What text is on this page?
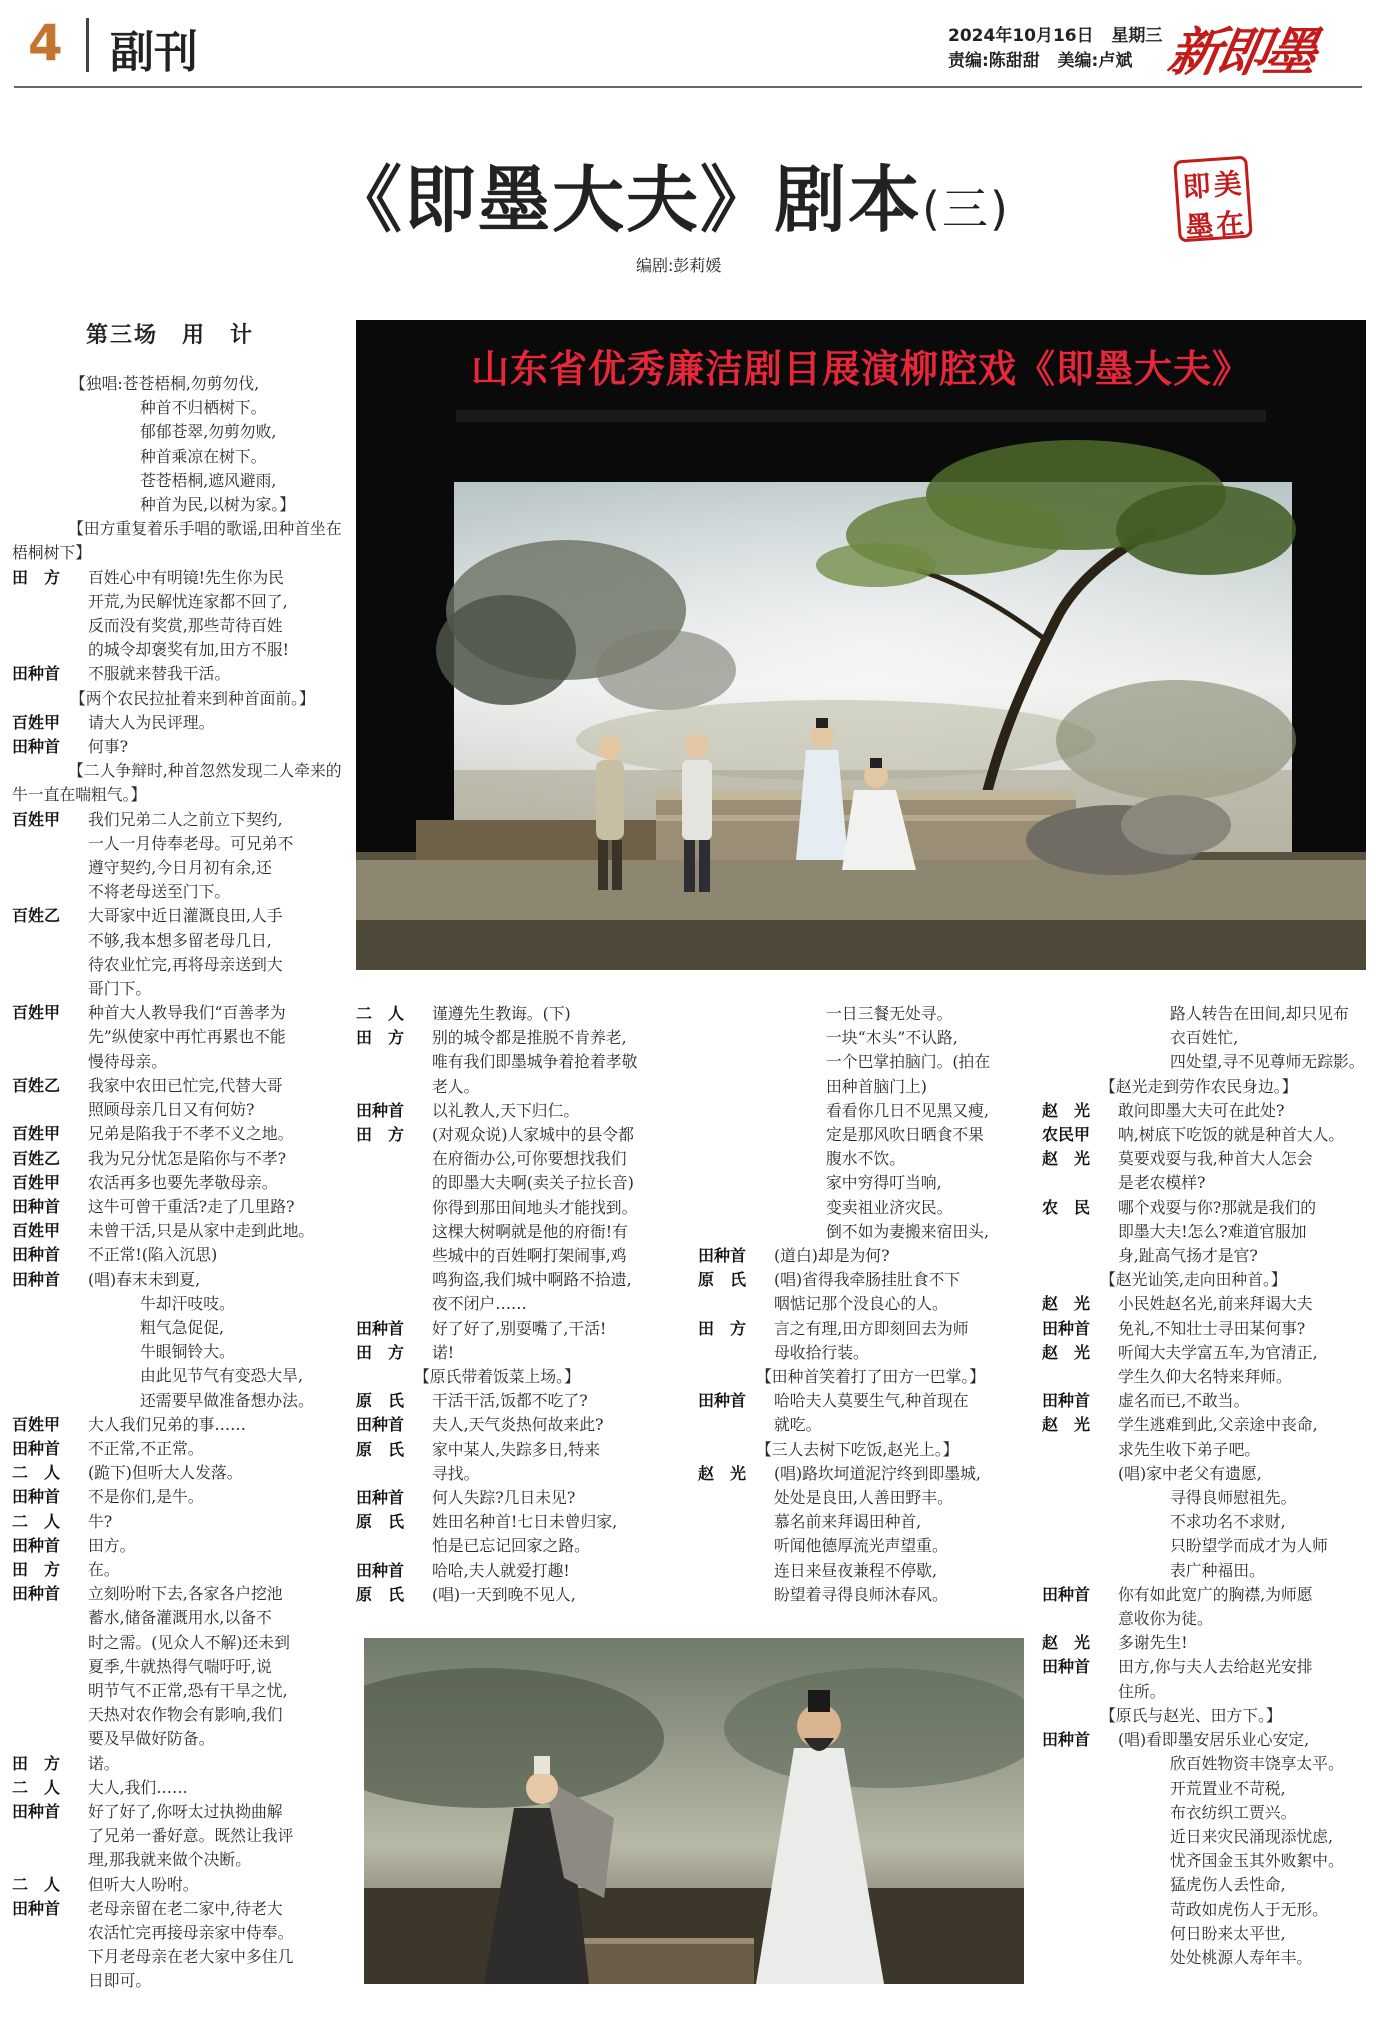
4 副刊	2024年10月16日   星期三
责编:陈甜甜   美编:卢斌 新即墨
《即墨大夫》剧本(三)	即 美
墨 在
编剧:彭莉媛
第三场　用　计
山东省优秀廉洁剧目展演柳腔戏《即墨大夫》

【独唱:苍苍梧桐,勿剪勿伐,

种首不归栖树下。

郁郁苍翠,勿剪勿败,

种首乘凉在树下。

苍苍梧桐,遮风避雨,

种首为民,以树为家。】

【田方重复着乐手唱的歌谣,田种首坐在梧桐树下】

田　方	百姓心中有明镜!先生你为民

开荒,为民解忧连家都不回了,

反而没有奖赏,那些苛待百姓

的城令却褒奖有加,田方不服!

田种首	不服就来替我干活。

【两个农民拉扯着来到种首面前。】

百姓甲	请大人为民评理。

田种首	何事?

【二人争辩时,种首忽然发现二人牵来的牛一直在喘粗气。】

百姓甲	我们兄弟二人之前立下契约,

一人一月侍奉老母。可兄弟不

遵守契约,今日月初有余,还

不将老母送至门下。

百姓乙	大哥家中近日灌溉良田,人手

不够,我本想多留老母几日,

待农业忙完,再将母亲送到大

哥门下。

百姓甲	种首大人教导我们“百善孝为

先”纵使家中再忙再累也不能

慢待母亲。

百姓乙	我家中农田已忙完,代替大哥

照顾母亲几日又有何妨?

百姓甲	兄弟是陷我于不孝不义之地。

百姓乙	我为兄分忧怎是陷你与不孝?

百姓甲	农活再多也要先孝敬母亲。

田种首	这牛可曾干重活?走了几里路?

百姓甲	未曾干活,只是从家中走到此地。

田种首	不正常!(陷入沉思)

田种首	(唱)春末未到夏,

牛却汗吱吱。

粗气急促促,

牛眼铜铃大。

由此见节气有变恐大旱,

还需要早做准备想办法。

百姓甲	大人我们兄弟的事……

田种首	不正常,不正常。

二　人	(跪下)但听大人发落。

田种首	不是你们,是牛。

二　人	牛?

田种首	田方。

田　方	在。

田种首	立刻吩咐下去,各家各户挖池

蓄水,储备灌溉用水,以备不

时之需。(见众人不解)还未到

夏季,牛就热得气喘吁吁,说

明节气不正常,恐有干旱之忧,

天热对农作物会有影响,我们

要及早做好防备。

田　方	诺。

二　人	大人,我们……

田种首	好了好了,你呀太过执拗曲解

了兄弟一番好意。既然让我评

理,那我就来做个决断。

二　人	但听大人吩咐。

田种首	老母亲留在老二家中,待老大

农活忙完再接母亲家中侍奉。

下月老母亲在老大家中多住几

日即可。

二　人	谨遵先生教诲。(下)

田　方	别的城令都是推脱不肯养老,

唯有我们即墨城争着抢着孝敬

老人。

田种首	以礼教人,天下归仁。

田　方	(对观众说)人家城中的县令都

在府衙办公,可你要想找我们

的即墨大夫啊(卖关子拉长音)

你得到那田间地头才能找到。

这棵大树啊就是他的府衙!有

些城中的百姓啊打架闹事,鸡

鸣狗盗,我们城中啊路不拾遗,

夜不闭户……

田种首	好了好了,别耍嘴了,干活!

田　方	诺!

【原氏带着饭菜上场。】

原　氏	干活干活,饭都不吃了?

田种首	夫人,天气炎热何故来此?

原　氏	家中某人,失踪多日,特来

寻找。

田种首	何人失踪?几日未见?

原　氏	姓田名种首!七日未曾归家,

怕是已忘记回家之路。

田种首	哈哈,夫人就爱打趣!

原　氏	(唱)一天到晚不见人,

一日三餐无处寻。

一块“木头”不认路,

一个巴掌拍脑门。(拍在

田种首脑门上)

看看你几日不见黑又瘦,

定是那风吹日晒食不果

腹水不饮。

家中穷得叮当响,

变卖祖业济灾民。

倒不如为妻搬来宿田头,

田种首	(道白)却是为何?

原　氏	(唱)省得我牵肠挂肚食不下

咽惦记那个没良心的人。

田　方	言之有理,田方即刻回去为师

母收拾行装。

【田种首笑着打了田方一巴掌。】

田种首	哈哈夫人莫要生气,种首现在

就吃。

【三人去树下吃饭,赵光上。】

赵　光	(唱)路坎坷道泥泞终到即墨城,

处处是良田,人善田野丰。

慕名前来拜谒田种首,

听闻他德厚流光声望重。

连日来昼夜兼程不停歇,

盼望着寻得良师沐春风。

路人转告在田间,却只见布

衣百姓忙,

四处望,寻不见尊师无踪影。

【赵光走到劳作农民身边。】

赵　光	敢问即墨大夫可在此处?

农民甲	呐,树底下吃饭的就是种首大人。

赵　光	莫要戏耍与我,种首大人怎会

是老农模样?

农　民	哪个戏耍与你?那就是我们的

即墨大夫!怎么?难道官服加

身,趾高气扬才是官?

【赵光讪笑,走向田种首。】

赵　光	小民姓赵名光,前来拜谒大夫

田种首	免礼,不知壮士寻田某何事?

赵　光	听闻大夫学富五车,为官清正,

学生久仰大名特来拜师。

田种首	虚名而已,不敢当。

赵　光	学生逃难到此,父亲途中丧命,

求先生收下弟子吧。

(唱)家中老父有遗愿,

寻得良师慰祖先。

不求功名不求财,

只盼望学而成才为人师

表广种福田。

田种首	你有如此宽广的胸襟,为师愿

意收你为徒。

赵　光	多谢先生!

田种首	田方,你与夫人去给赵光安排

住所。

【原氏与赵光、田方下。】

田种首	(唱)看即墨安居乐业心安定,

欣百姓物资丰饶享太平。

开荒置业不苛税,

布衣纺织工贾兴。

近日来灾民涌现添忧虑,

忧齐国金玉其外败絮中。

猛虎伤人丢性命,

苛政如虎伤人于无形。

何日盼来太平世,

处处桃源人寿年丰。
